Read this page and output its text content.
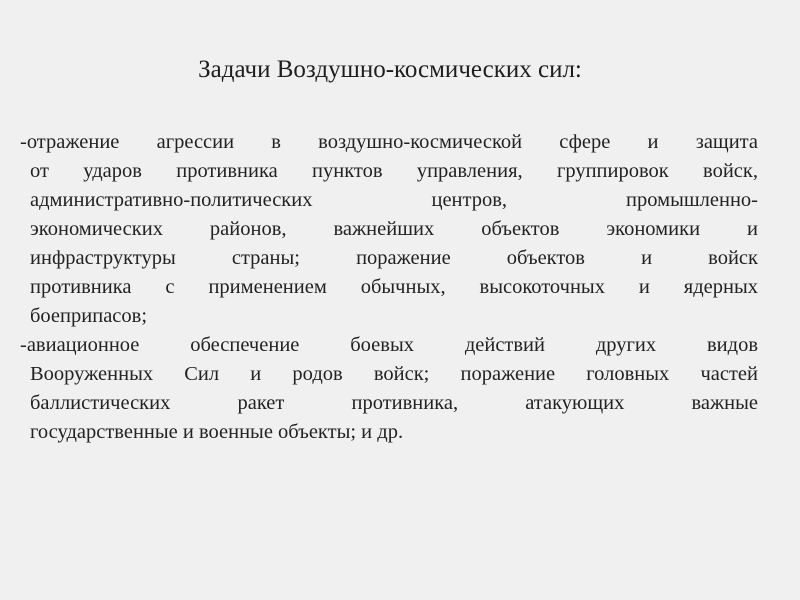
Задачи Воздушно-космических сил:
-отражение агрессии в воздушно-космической сфере и защита
от ударов противника пунктов управления, группировок войск,
административно-политических центров, промышленно-
экономических районов, важнейших объектов экономики и
инфраструктуры страны; поражение объектов и войск
противника с применением обычных, высокоточных и ядерных
боеприпасов;
-авиационное обеспечение боевых действий других видов
Вооруженных Сил и родов войск; поражение головных частей
баллистических ракет противника, атакующих важные
государственные и военные объекты; и др.
